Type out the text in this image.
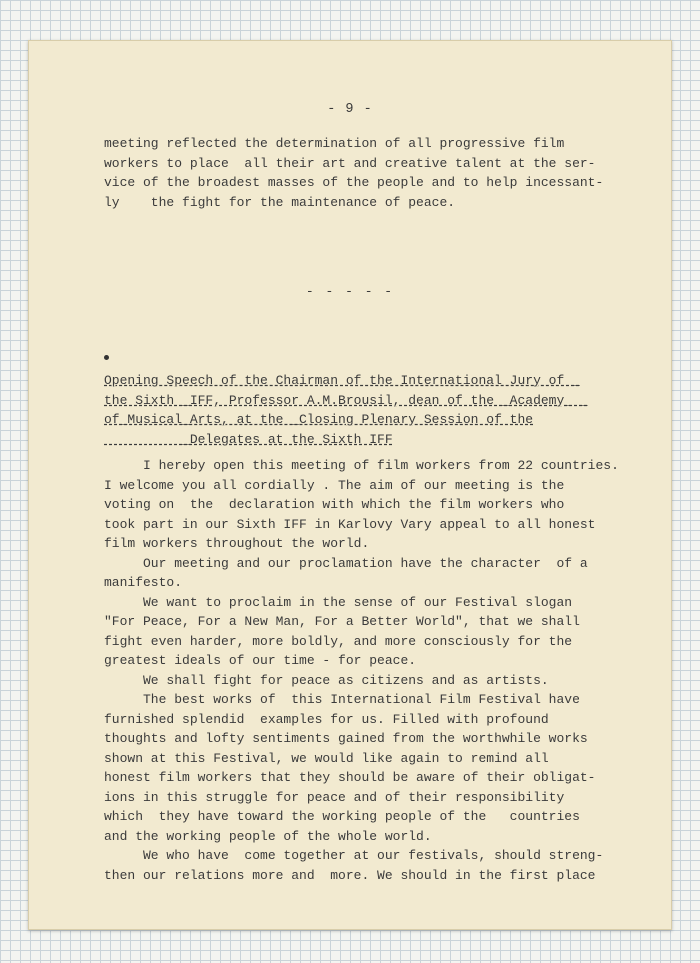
- 9 -

meeting reflected the determination of all progressive film

workers to place  all their art and creative talent at the ser-

vice of the broadest masses of the people and to help incessant-

ly    the fight for the maintenance of peace.

- - - - -

Opening Speech of the Chairman of the International Jury of _

the Sixth _IFF, Professor A.M.Brousil, dean of the _Academy_ _

of_Musical_Arts, at the _Closing Plenary Session of the

_Delegates at the Sixth IFF

I hereby open this meeting of film workers from 22 countries.

I welcome you all cordially . The aim of our meeting is the

voting on  the  declaration with which the film workers who

took part in our Sixth IFF in Karlovy Vary appeal to all honest

film workers throughout the world.

Our meeting and our proclamation have the character  of a

manifesto.

We want to proclaim in the sense of our Festival slogan

"For Peace, For a New Man, For a Better World", that we shall

fight even harder, more boldly, and more consciously for the

greatest ideals of our time - for peace.

We shall fight for peace as citizens and as artists.

The best works of  this International Film Festival have

furnished splendid  examples for us. Filled with profound

thoughts and lofty sentiments gained from the worthwhile works

shown at this Festival, we would like again to remind all

honest film workers that they should be aware of their obligat-

ions in this struggle for peace and of their responsibility

which  they have toward the working people of the   countries

and the working people of the whole world.

We who have  come together at our festivals, should streng-

then our relations more and  more. We should in the first place
